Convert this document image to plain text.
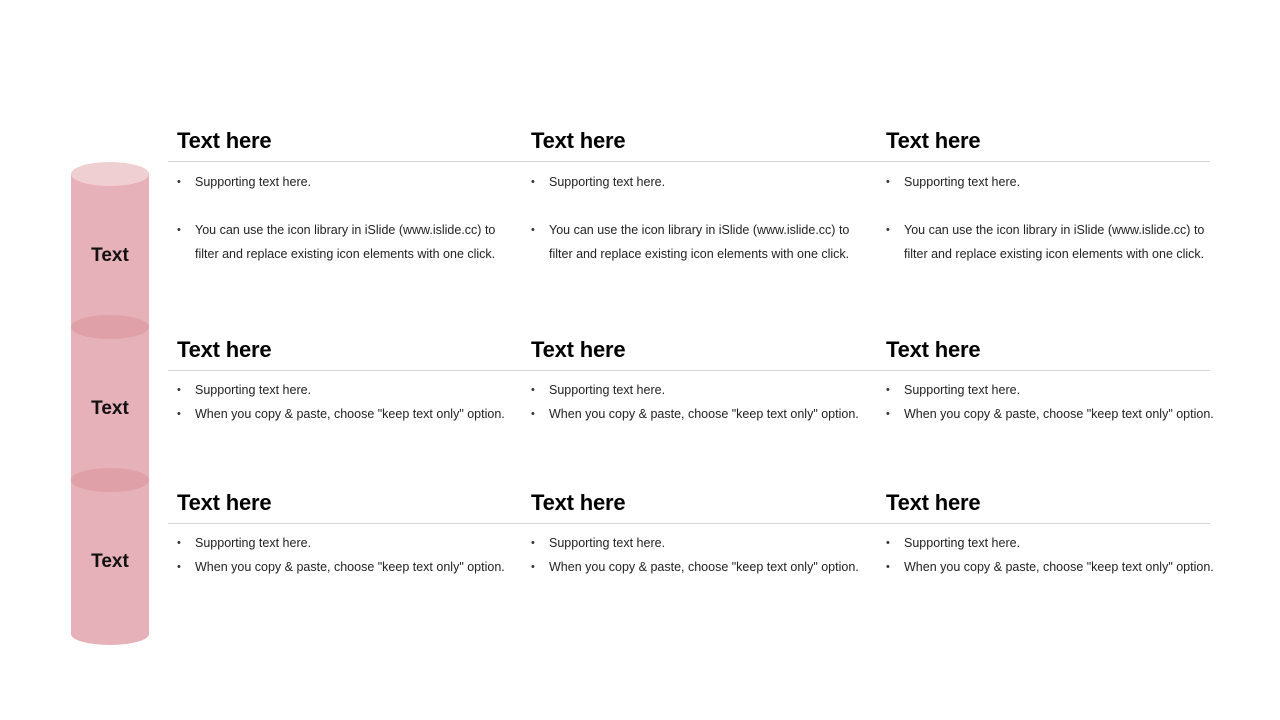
Text
Text
Text
Text here
• Supporting text here.
• You can use the icon library in iSlide (www.islide.cc) to filter and replace existing icon elements with one click.
Text here
• Supporting text here.
• You can use the icon library in iSlide (www.islide.cc) to filter and replace existing icon elements with one click.
Text here
• Supporting text here.
• You can use the icon library in iSlide (www.islide.cc) to filter and replace existing icon elements with one click.
Text here
• Supporting text here.
• When you copy & paste, choose "keep text only" option.
Text here
• Supporting text here.
• When you copy & paste, choose "keep text only" option.
Text here
• Supporting text here.
• When you copy & paste, choose "keep text only" option.
Text here
• Supporting text here.
• When you copy & paste, choose "keep text only" option.
Text here
• Supporting text here.
• When you copy & paste, choose "keep text only" option.
Text here
• Supporting text here.
• When you copy & paste, choose "keep text only" option.
